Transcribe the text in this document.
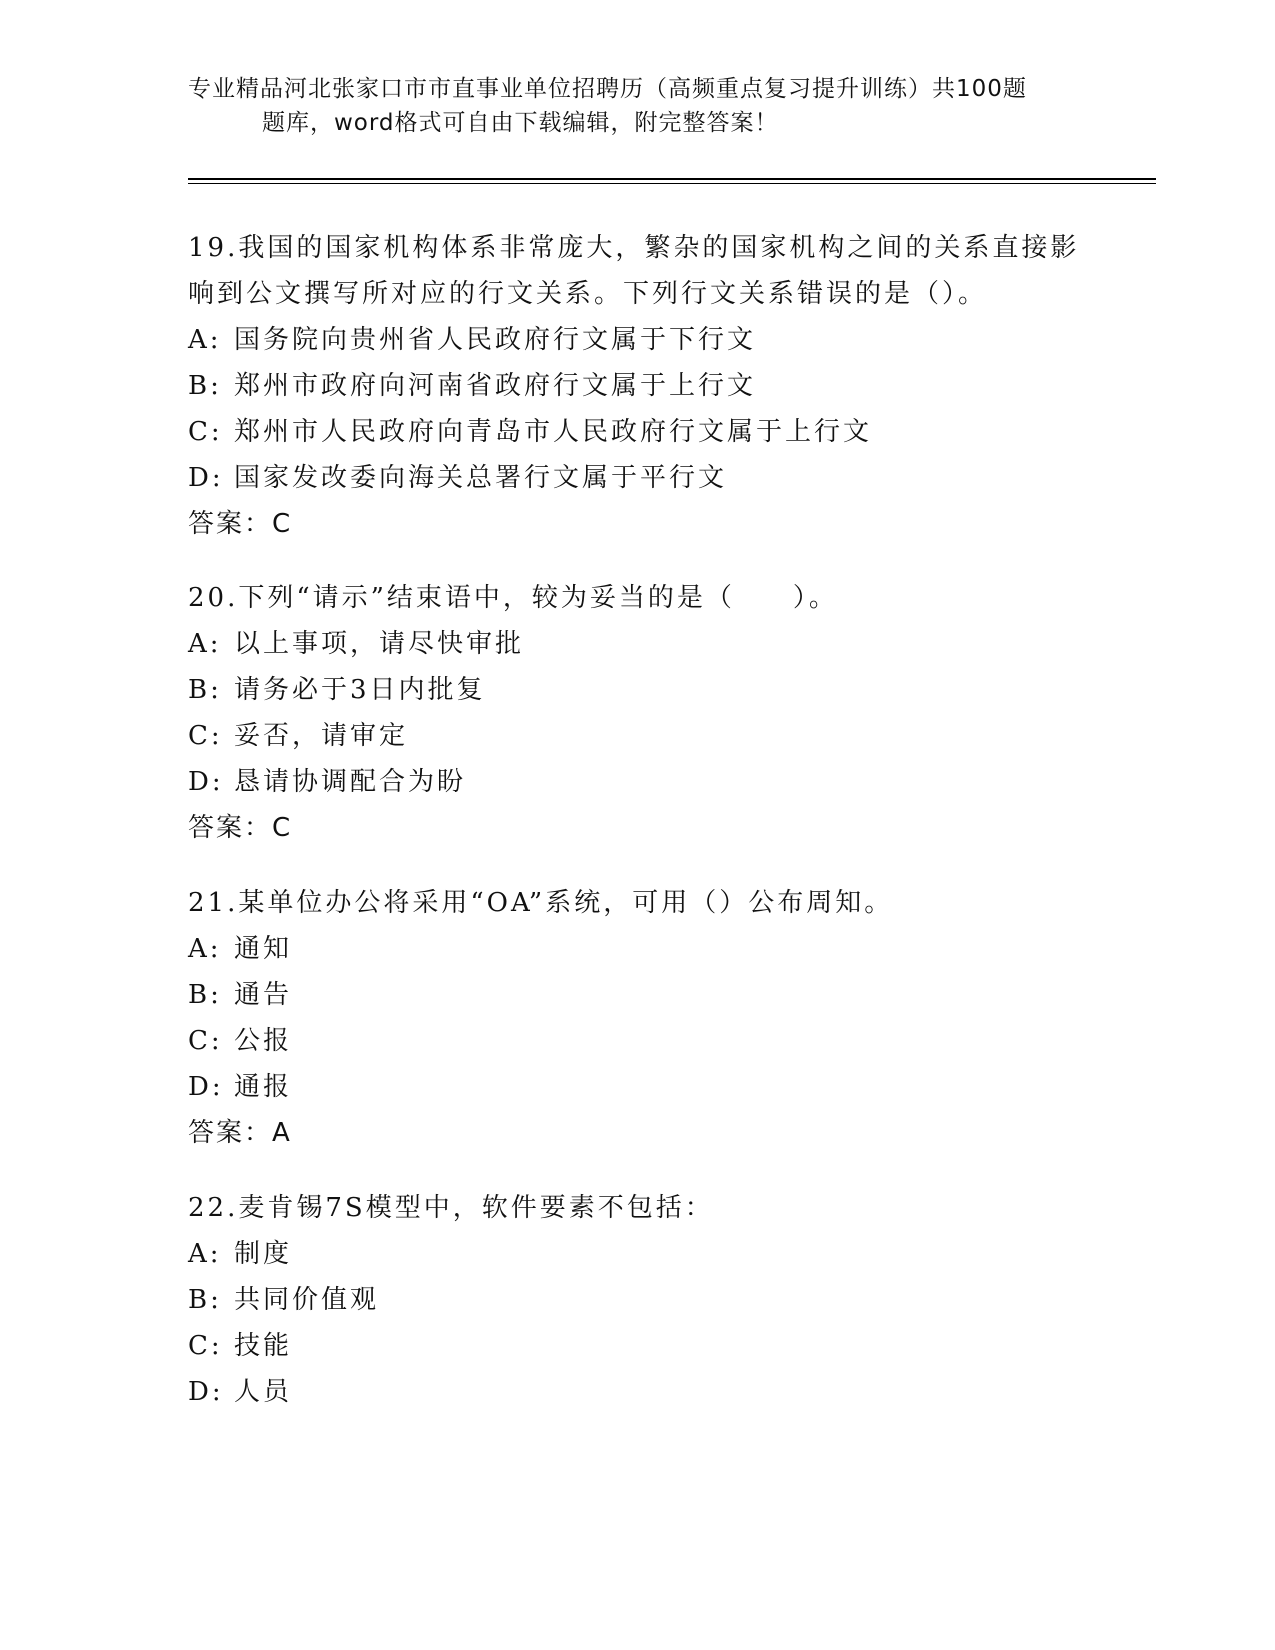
专业精品河北张家口市市直事业单位招聘历（高频重点复习提升训练）共100题
题库，word格式可自由下载编辑，附完整答案！

19.我国的国家机构体系非常庞大，繁杂的国家机构之间的关系直接影

响到公文撰写所对应的行文关系。下列行文关系错误的是（）。

A: 国务院向贵州省人民政府行文属于下行文

B: 郑州市政府向河南省政府行文属于上行文

C: 郑州市人民政府向青岛市人民政府行文属于上行文

D: 国家发改委向海关总署行文属于平行文

答案：C

20.下列“请示”结束语中，较为妥当的是（　　）。

A: 以上事项，请尽快审批

B: 请务必于3日内批复

C: 妥否，请审定

D: 恳请协调配合为盼

答案：C

21.某单位办公将采用“OA”系统，可用（）公布周知。

A: 通知

B: 通告

C: 公报

D: 通报

答案：A

22.麦肯锡7S模型中，软件要素不包括：

A: 制度

B: 共同价值观

C: 技能

D: 人员
